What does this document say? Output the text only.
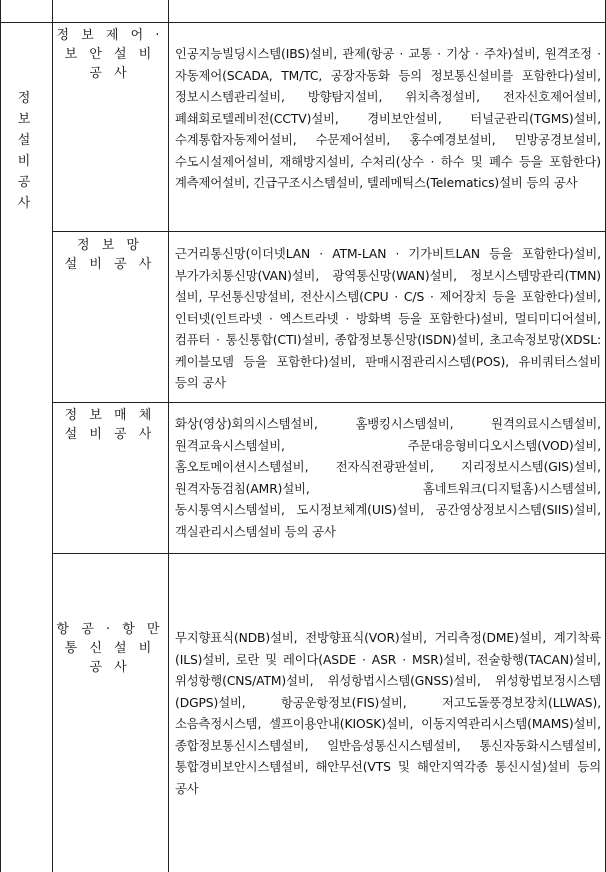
정 보
설 비
공 사
정 보 제 어 ·
보 안 설 비
공 사
인공지능빌딩시스템(IBS)설비, 관제(항공 · 교통 · 기상 · 주차)설비, 원격조정 · 자동제어(SCADA, TM/TC, 공장자동화 등의 정보통신설비를 포함한다)설비, 정보시스템관리설비, 방향탐지설비, 위치측정설비, 전자신호제어설비, 폐쇄회로텔레비전(CCTV)설비, 경비보안설비, 터널군관리(TGMS)설비, 수계통합자동제어설비, 수문제어설비, 홍수예경보설비, 민방공경보설비, 수도시설제어설비, 재해방지설비, 수처리(상수 · 하수 및 폐수 등을 포함한다)계측제어설비, 긴급구조시스템설비, 텔레메틱스(Telematics)설비 등의 공사
정 보 망
설 비 공 사
근거리통신망(이더넷LAN · ATM-LAN · 기가비트LAN 등을 포함한다)설비, 부가가치통신망(VAN)설비, 광역통신망(WAN)설비, 정보시스템망관리(TMN)설비, 무선통신망설비, 전산시스템(CPU · C/S · 제어장치 등을 포함한다)설비, 인터넷(인트라넷 · 엑스트라넷 · 방화벽 등을 포함한다)설비, 멀티미디어설비, 컴퓨터 · 통신통합(CTI)설비, 종합정보통신망(ISDN)설비, 초고속정보망(XDSL: 케이블모뎀 등을 포함한다)설비, 판매시점관리시스템(POS), 유비쿼터스설비 등의 공사
정 보 매 체
설 비 공 사
화상(영상)회의시스템설비, 홈뱅킹시스템설비, 원격의료시스템설비, 원격교육시스템설비, 주문대응형비디오시스템(VOD)설비, 홈오토메이션시스템설비, 전자식전광판설비, 지리정보시스템(GIS)설비, 원격자동검침(AMR)설비, 홈네트워크(디지털홈)시스템설비, 동시통역시스템설비, 도시정보체계(UIS)설비, 공간영상정보시스템(SIIS)설비, 객실관리시스템설비 등의 공사
항 공 · 항 만
통 신 설 비
공 사
무지향표식(NDB)설비, 전방향표식(VOR)설비, 거리측정(DME)설비, 계기착륙(ILS)설비, 로란 및 레이다(ASDE · ASR · MSR)설비, 전술항행(TACAN)설비, 위성항행(CNS/ATM)설비, 위성항법시스템(GNSS)설비, 위성항법보정시스템(DGPS)설비, 항공운항정보(FIS)설비, 저고도돌풍경보장치(LLWAS), 소음측정시스템, 셀프이용안내(KIOSK)설비, 이동지역관리시스템(MAMS)설비, 종합정보통신시스템설비, 일반음성통신시스템설비, 통신자동화시스템설비, 통합경비보안시스템설비, 해안무선(VTS 및 해안지역각종 통신시설)설비 등의 공사
